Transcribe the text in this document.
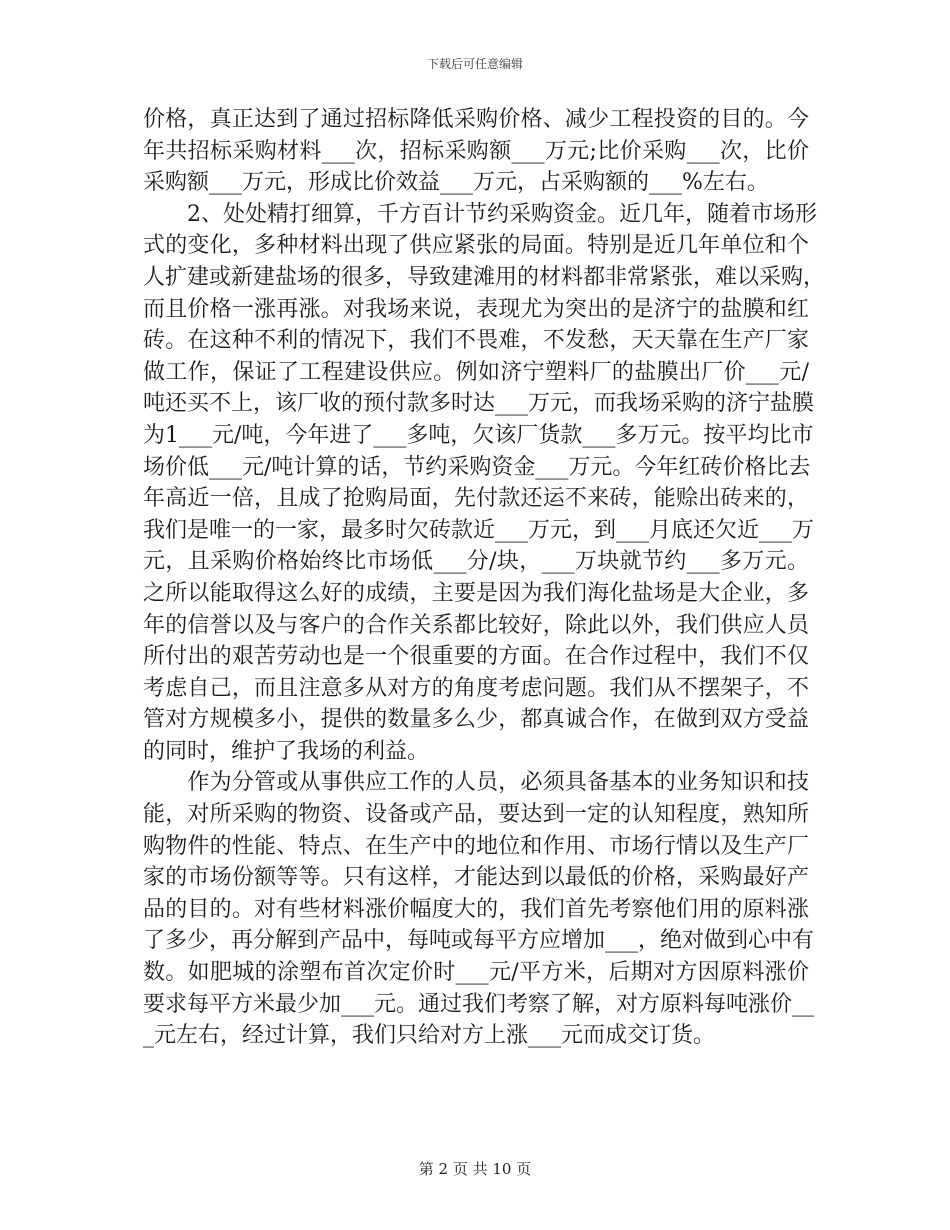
下载后可任意编辑
价格，真正达到了通过招标降低采购价格、减少工程投资的目的。今
年共招标采购材料___次，招标采购额___万元;比价采购___次，比价
采购额___万元，形成比价效益___万元，占采购额的___%左右。
　　2、处处精打细算，千方百计节约采购资金。近几年，随着市场形
式的变化，多种材料出现了供应紧张的局面。特别是近几年单位和个
人扩建或新建盐场的很多，导致建滩用的材料都非常紧张，难以采购，
而且价格一涨再涨。对我场来说，表现尤为突出的是济宁的盐膜和红
砖。在这种不利的情况下，我们不畏难，不发愁，天天靠在生产厂家
做工作，保证了工程建设供应。例如济宁塑料厂的盐膜出厂价___元/
吨还买不上，该厂收的预付款多时达___万元，而我场采购的济宁盐膜
为1___元/吨，今年进了___多吨，欠该厂货款___多万元。按平均比市
场价低___元/吨计算的话，节约采购资金___万元。今年红砖价格比去
年高近一倍，且成了抢购局面，先付款还运不来砖，能赊出砖来的，
我们是唯一的一家，最多时欠砖款近___万元，到___月底还欠近___万
元，且采购价格始终比市场低___分/块，___万块就节约___多万元。
之所以能取得这么好的成绩，主要是因为我们海化盐场是大企业，多
年的信誉以及与客户的合作关系都比较好，除此以外，我们供应人员
所付出的艰苦劳动也是一个很重要的方面。在合作过程中，我们不仅
考虑自己，而且注意多从对方的角度考虑问题。我们从不摆架子，不
管对方规模多小，提供的数量多么少，都真诚合作，在做到双方受益
的同时，维护了我场的利益。
　　作为分管或从事供应工作的人员，必须具备基本的业务知识和技
能，对所采购的物资、设备或产品，要达到一定的认知程度，熟知所
购物件的性能、特点、在生产中的地位和作用、市场行情以及生产厂
家的市场份额等等。只有这样，才能达到以最低的价格，采购最好产
品的目的。对有些材料涨价幅度大的，我们首先考察他们用的原料涨
了多少，再分解到产品中，每吨或每平方应增加___，绝对做到心中有
数。如肥城的涂塑布首次定价时___元/平方米，后期对方因原料涨价
要求每平方米最少加___元。通过我们考察了解，对方原料每吨涨价__
_元左右，经过计算，我们只给对方上涨___元而成交订货。
第 2 页 共 10 页
